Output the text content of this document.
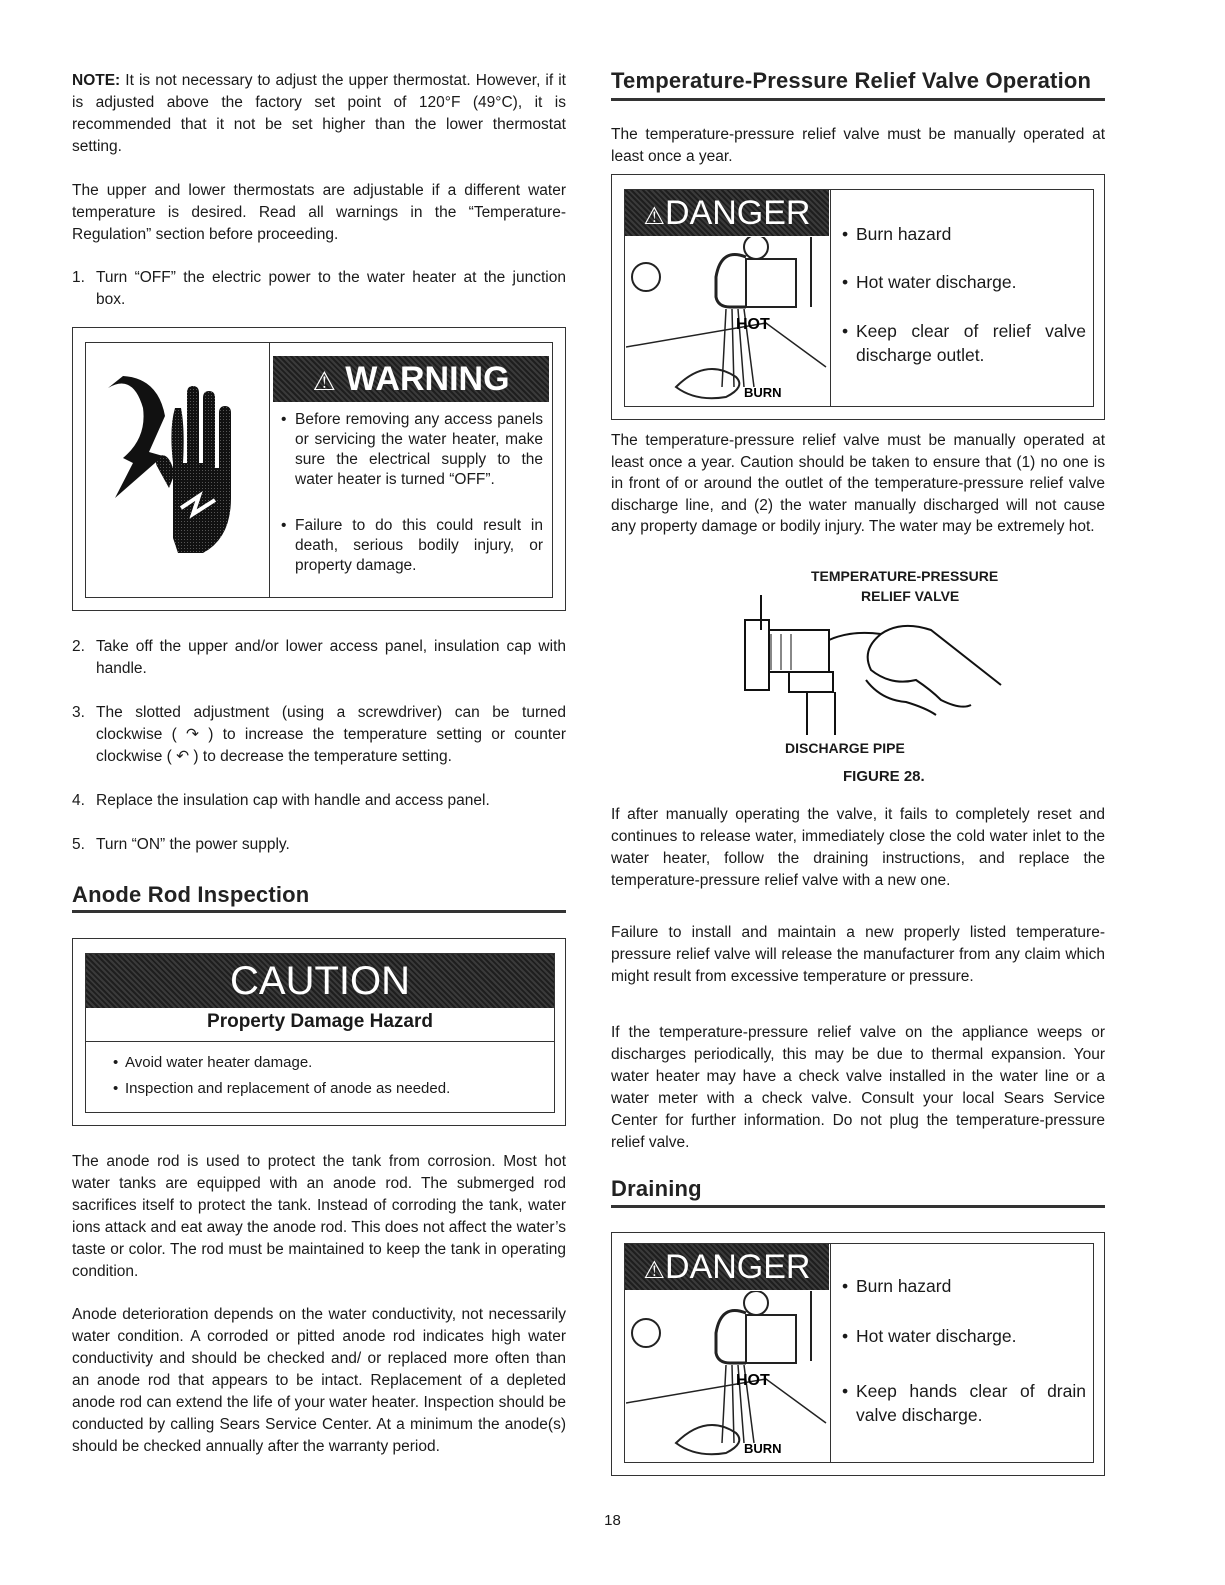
NOTE: It is not necessary to adjust the upper thermostat. However, if it is adjusted above the factory set point of 120°F (49°C), it is recommended that it not be set higher than the lower thermostat setting.

The upper and lower thermostats are adjustable if a different water temperature is desired. Read all warnings in the “Temperature-Regulation” section before proceeding.

1. Turn “OFF” the electric power to the water heater at the junction box.

⚠ WARNING
• Before removing any access panels or servicing the water heater, make sure the electrical supply to the water heater is turned “OFF”.
• Failure to do this could result in death, serious bodily injury, or property damage.
2. Take off the upper and/or lower access panel, insulation cap with handle.

3. The slotted adjustment (using a screwdriver) can be turned clockwise ( ↷ ) to increase the temperature setting or counter clockwise ( ↶ ) to decrease the temperature setting.

4. Replace the insulation cap with handle and access panel.

5. Turn “ON” the power supply.

Anode Rod Inspection
CAUTION
Property Damage Hazard
• Avoid water heater damage.
• Inspection and replacement of anode as needed.

The anode rod is used to protect the tank from corrosion. Most hot water tanks are equipped with an anode rod. The submerged rod sacrifices itself to protect the tank. Instead of corroding the tank, water ions attack and eat away the anode rod. This does not affect the water’s taste or color. The rod must be maintained to keep the tank in operating condition.

Anode deterioration depends on the water conductivity, not necessarily water condition. A corroded or pitted anode rod indicates high water conductivity and should be checked and/ or replaced more often than an anode rod that appears to be intact. Replacement of a depleted anode rod can extend the life of your water heater. Inspection should be conducted by calling Sears Service Center. At a minimum the anode(s) should be checked annually after the warranty period.

Temperature-Pressure Relief Valve Operation

The temperature-pressure relief valve must be manually operated at least once a year.

⚠DANGER
HOT
BURN
• Burn hazard
• Hot water discharge.
• Keep clear of relief valve discharge outlet.

The temperature-pressure relief valve must be manually operated at least once a year. Caution should be taken to ensure that (1) no one is in front of or around the outlet of the temperature-pressure relief valve discharge line, and (2) the water manually discharged will not cause any property damage or bodily injury. The water may be extremely hot.

TEMPERATURE-PRESSURE
RELIEF VALVE
DISCHARGE PIPE
FIGURE 28.

If after manually operating the valve, it fails to completely reset and continues to release water, immediately close the cold water inlet to the water heater, follow the draining instructions, and replace the temperature-pressure relief valve with a new one.

Failure to install and maintain a new properly listed temperature-pressure relief valve will release the manufacturer from any claim which might result from excessive temperature or pressure.

If the temperature-pressure relief valve on the appliance weeps or discharges periodically, this may be due to thermal expansion. Your water heater may have a check valve installed in the water line or a water meter with a check valve. Consult your local Sears Service Center for further information. Do not plug the temperature-pressure relief valve.

Draining
⚠DANGER
HOT
BURN
• Burn hazard
• Hot water discharge.
• Keep hands clear of drain valve discharge.
18
